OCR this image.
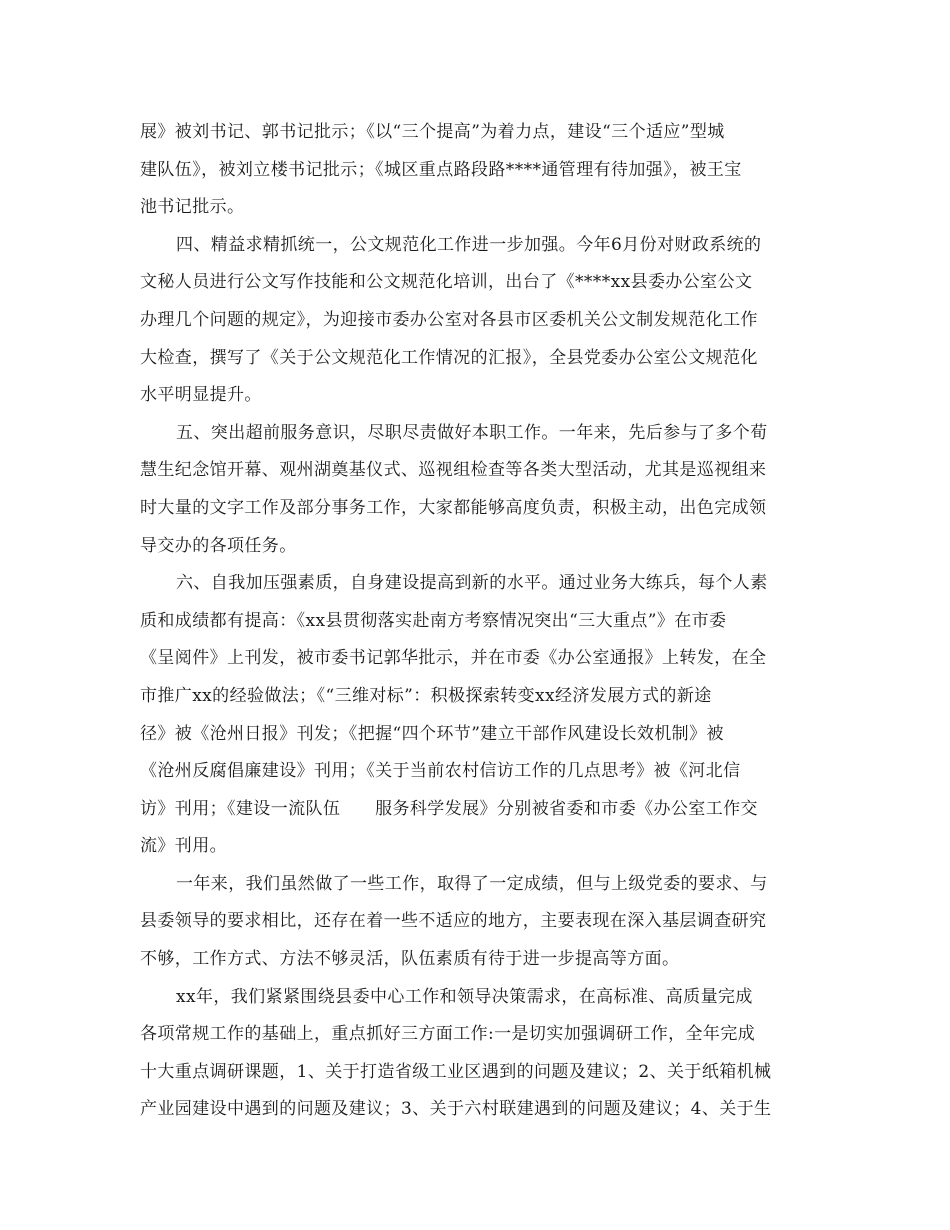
展》被刘书记、郭书记批示；《以“三个提高”为着力点，建设“三个适应”型城
建队伍》，被刘立楼书记批示；《城区重点路段路****通管理有待加强》，被王宝
池书记批示。
四、精益求精抓统一，公文规范化工作进一步加强。今年6月份对财政系统的
文秘人员进行公文写作技能和公文规范化培训，出台了《****xx县委办公室公文
办理几个问题的规定》，为迎接市委办公室对各县市区委机关公文制发规范化工作
大检查，撰写了《关于公文规范化工作情况的汇报》，全县党委办公室公文规范化
水平明显提升。
五、突出超前服务意识，尽职尽责做好本职工作。一年来，先后参与了多个荀
慧生纪念馆开幕、观州湖奠基仪式、巡视组检查等各类大型活动，尤其是巡视组来
时大量的文字工作及部分事务工作，大家都能够高度负责，积极主动，出色完成领
导交办的各项任务。
六、自我加压强素质，自身建设提高到新的水平。通过业务大练兵，每个人素
质和成绩都有提高：《xx县贯彻落实赴南方考察情况突出“三大重点”》在市委
《呈阅件》上刊发，被市委书记郭华批示，并在市委《办公室通报》上转发，在全
市推广xx的经验做法；《“三维对标”：积极探索转变xx经济发展方式的新途
径》被《沧州日报》刊发；《把握“四个环节”建立干部作风建设长效机制》被
《沧州反腐倡廉建设》刊用；《关于当前农村信访工作的几点思考》被《河北信
访》刊用；《建设一流队伍　　服务科学发展》分别被省委和市委《办公室工作交
流》刊用。
一年来，我们虽然做了一些工作，取得了一定成绩，但与上级党委的要求、与
县委领导的要求相比，还存在着一些不适应的地方，主要表现在深入基层调查研究
不够，工作方式、方法不够灵活，队伍素质有待于进一步提高等方面。
xx年，我们紧紧围绕县委中心工作和领导决策需求，在高标准、高质量完成
各项常规工作的基础上，重点抓好三方面工作:一是切实加强调研工作，全年完成
十大重点调研课题，1、关于打造省级工业区遇到的问题及建议；2、关于纸箱机械
产业园建设中遇到的问题及建议；3、关于六村联建遇到的问题及建议；4、关于生
